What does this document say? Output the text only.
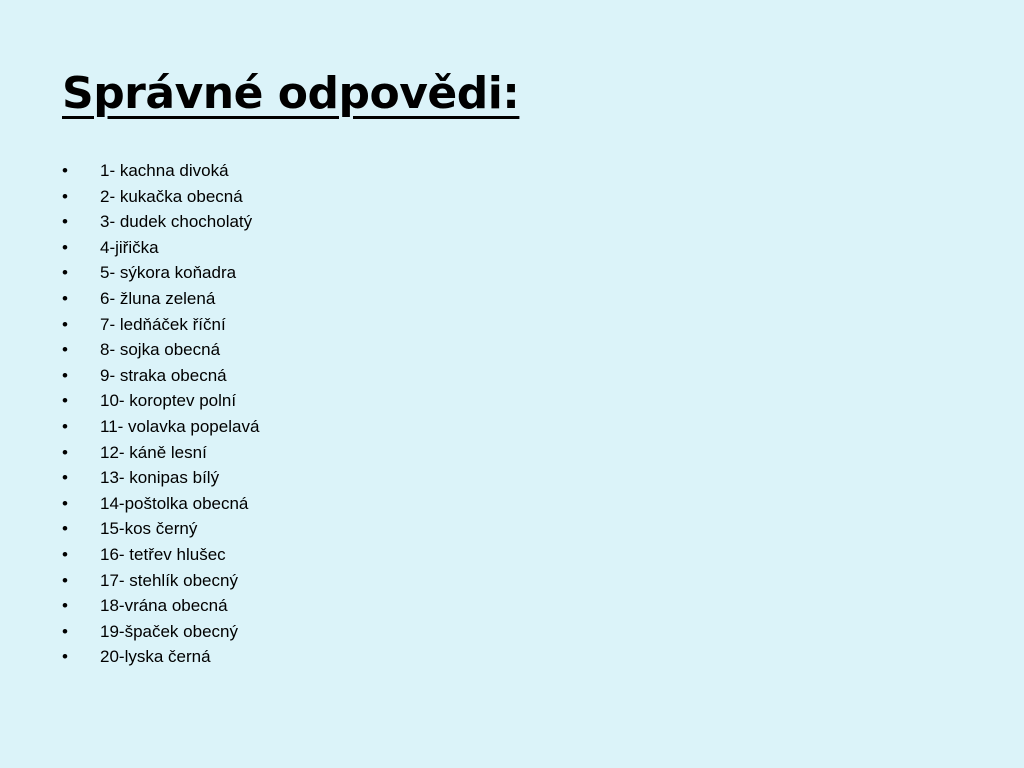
Správné odpovědi:
• 1- kachna divoká
• 2- kukačka obecná
• 3- dudek chocholatý
• 4-jiřička
• 5- sýkora koňadra
• 6- žluna zelená
• 7- ledňáček říční
• 8- sojka obecná
• 9- straka obecná
• 10- koroptev polní
• 11- volavka popelavá
• 12- káně lesní
• 13- konipas bílý
• 14-poštolka obecná
• 15-kos černý
• 16- tetřev hlušec
• 17- stehlík obecný
• 18-vrána obecná
• 19-špaček obecný
• 20-lyska černá
